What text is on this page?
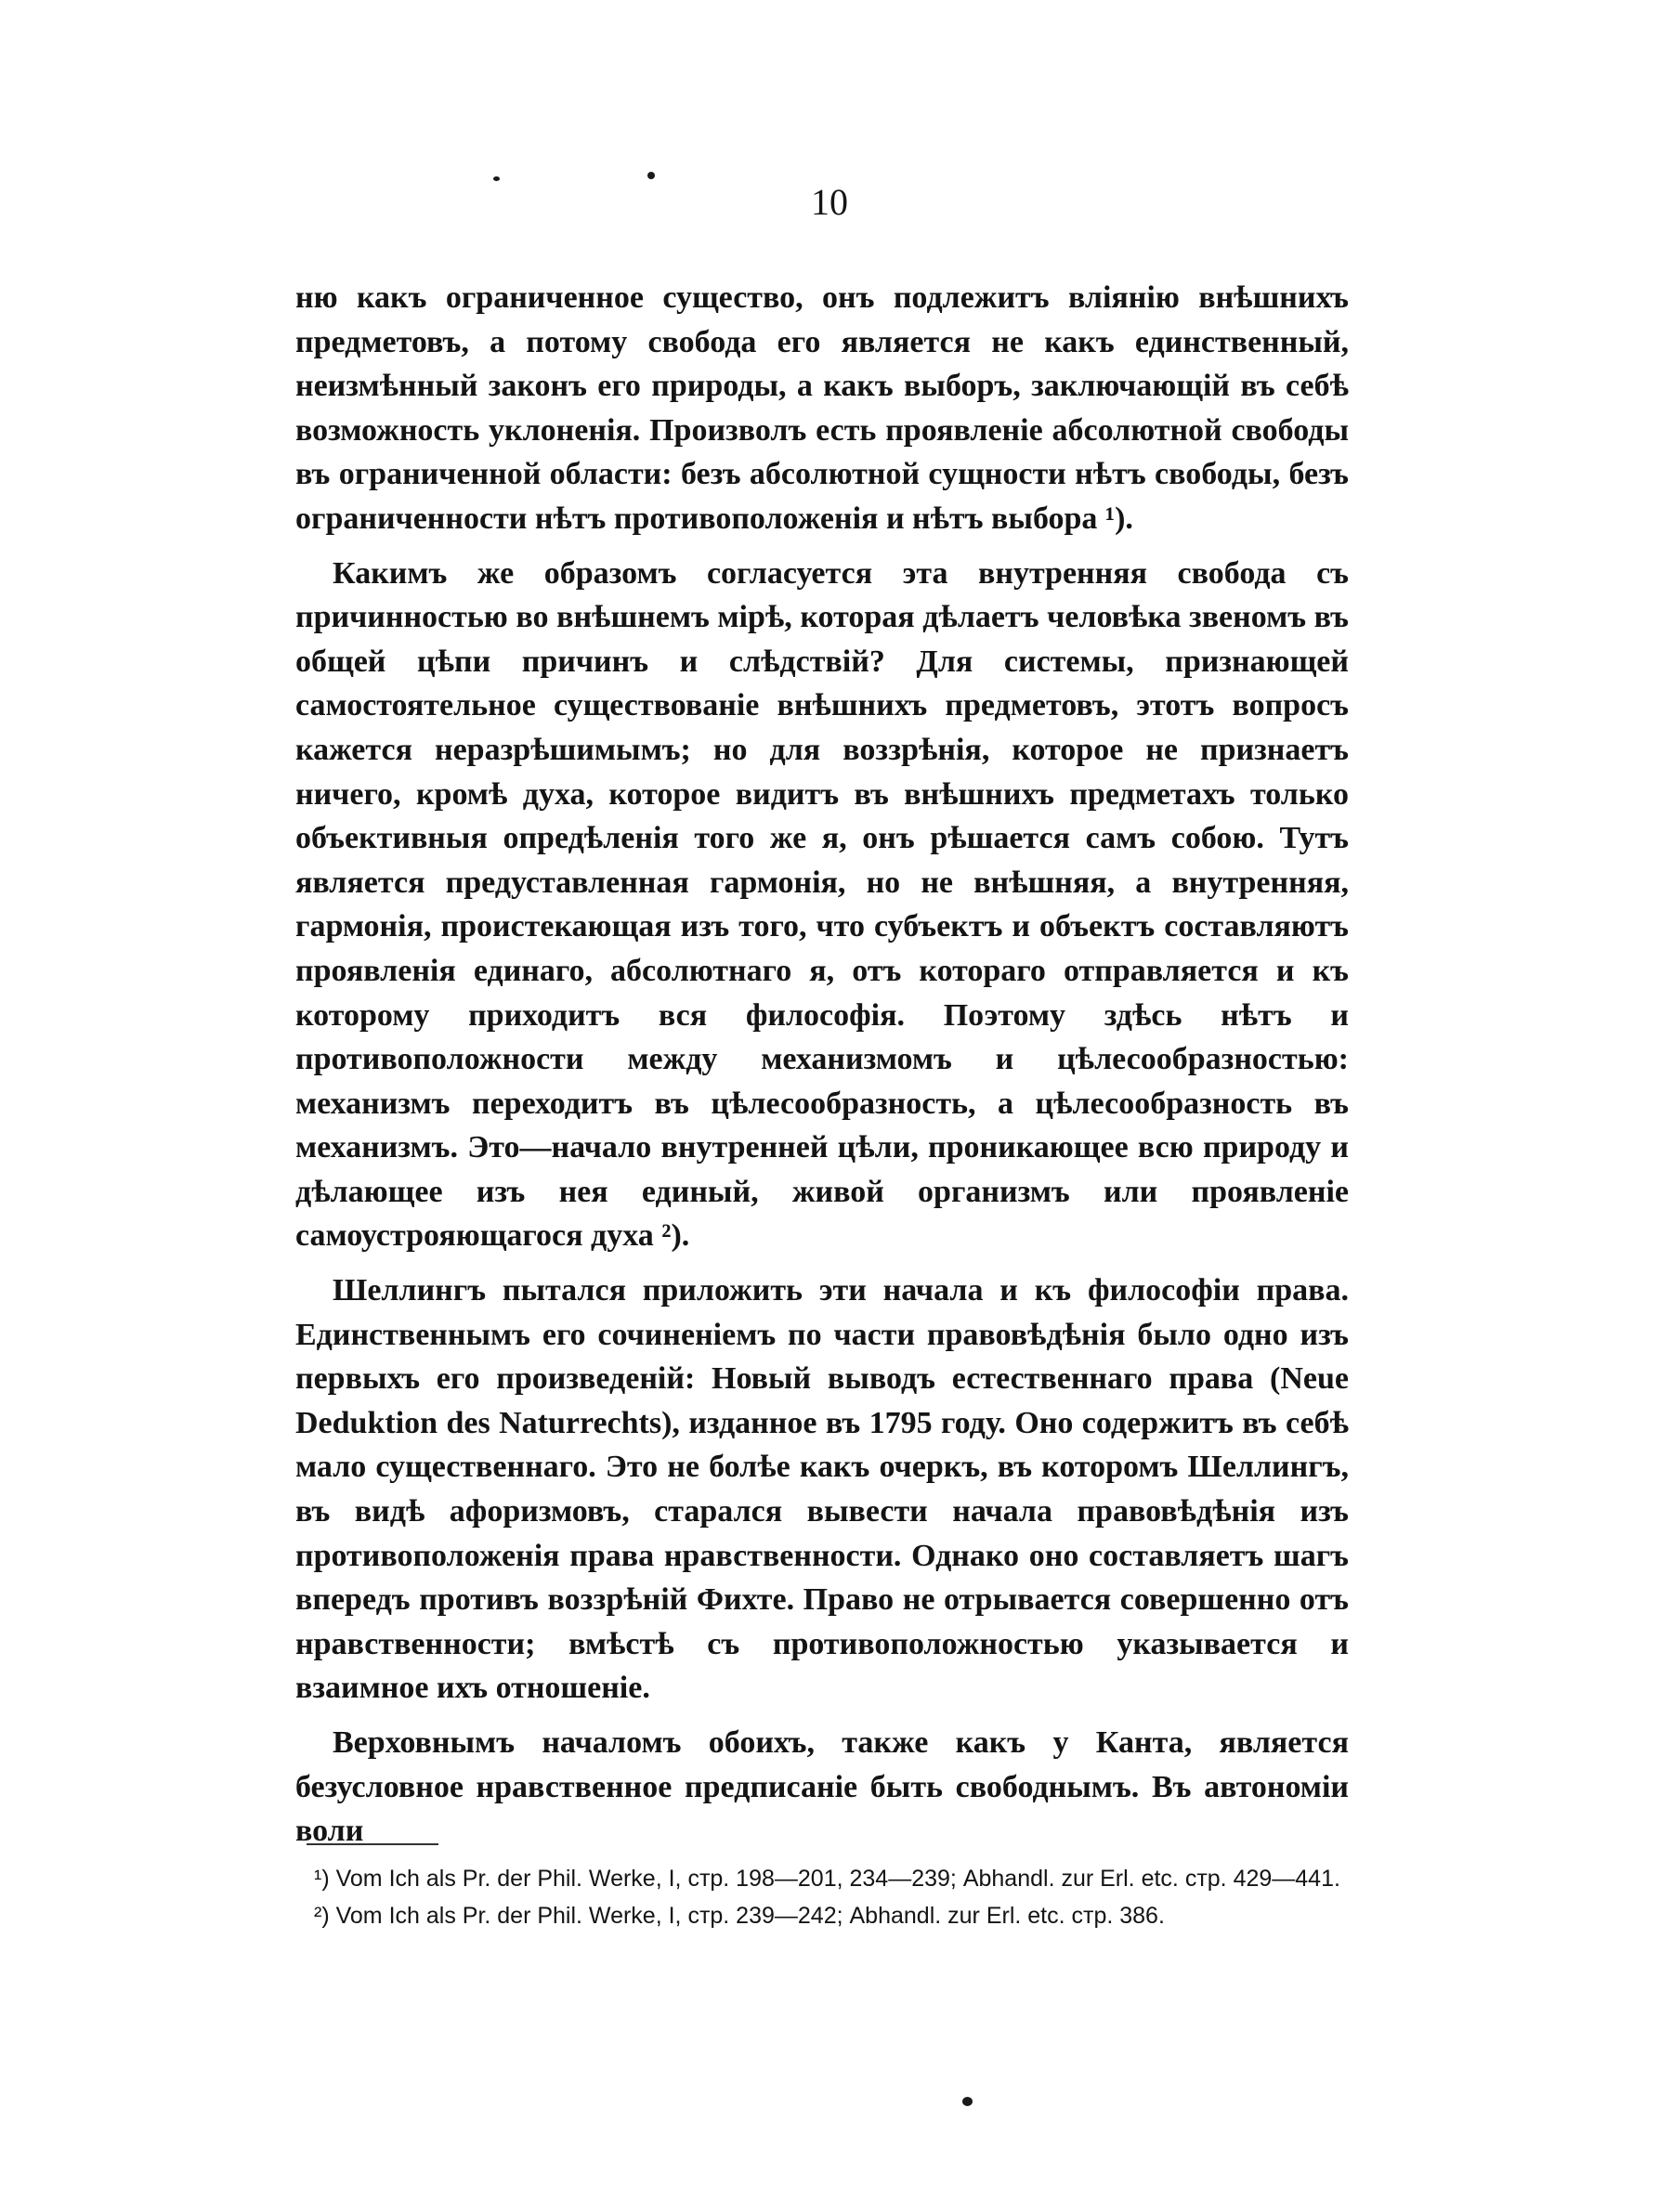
10

ню какъ ограниченное существо, онъ подлежитъ вліянію внѣшнихъ предметовъ, а потому свобода его является не какъ единственный, неизмѣнный законъ его природы, а какъ выборъ, заключающій въ себѣ возможность уклоненія. Произволъ есть проявленіе абсолютной свободы въ ограниченной области: безъ абсолютной сущности нѣтъ свободы, безъ ограниченности нѣтъ противоположенія и нѣтъ выбора ¹).

Какимъ же образомъ согласуется эта внутренняя свобода съ причинностью во внѣшнемъ мірѣ, которая дѣлаетъ человѣка звеномъ въ общей цѣпи причинъ и слѣдствій? Для системы, признающей самостоятельное существованіе внѣшнихъ предметовъ, этотъ вопросъ кажется неразрѣшимымъ; но для воззрѣнія, которое не признаетъ ничего, кромѣ духа, которое видитъ въ внѣшнихъ предметахъ только объективныя опредѣленія того же я, онъ рѣшается самъ собою. Тутъ является предуставленная гармонія, но не внѣшняя, а внутренняя, гармонія, проистекающая изъ того, что субъектъ и объектъ составляютъ проявленія единаго, абсолютнаго я, отъ котораго отправляется и къ которому приходитъ вся философія. Поэтому здѣсь нѣтъ и противоположности между механизмомъ и цѣлесообразностью: механизмъ переходитъ въ цѣлесообразность, а цѣлесообразность въ механизмъ. Это—начало внутренней цѣли, проникающее всю природу и дѣлающее изъ нея единый, живой организмъ или проявленіе самоустрояющагося духа ²).

Шеллингъ пытался приложить эти начала и къ философіи права. Единственнымъ его сочиненіемъ по части правовѣдѣнія было одно изъ первыхъ его произведеній: Новый выводъ естественнаго права (Neue Deduktion des Naturrechts), изданное въ 1795 году. Оно содержитъ въ себѣ мало существеннаго. Это не болѣе какъ очеркъ, въ которомъ Шеллингъ, въ видѣ афоризмовъ, старался вывести начала правовѣдѣнія изъ противоположенія права нравственности. Однако оно составляетъ шагъ впередъ противъ воззрѣній Фихте. Право не отрывается совершенно отъ нравственности; вмѣстѣ съ противоположностью указывается и взаимное ихъ отношеніе.

Верховнымъ началомъ обоихъ, также какъ у Канта, является безусловное нравственное предписаніе быть свободнымъ. Въ автономіи воли

¹) Vom Ich als Pr. der Phil. Werke, I, стр. 198—201, 234—239; Abhandl. zur Erl. etc. стр. 429—441.

²) Vom Ich als Pr. der Phil. Werke, I, стр. 239—242; Abhandl. zur Erl. etc. стр. 386.
